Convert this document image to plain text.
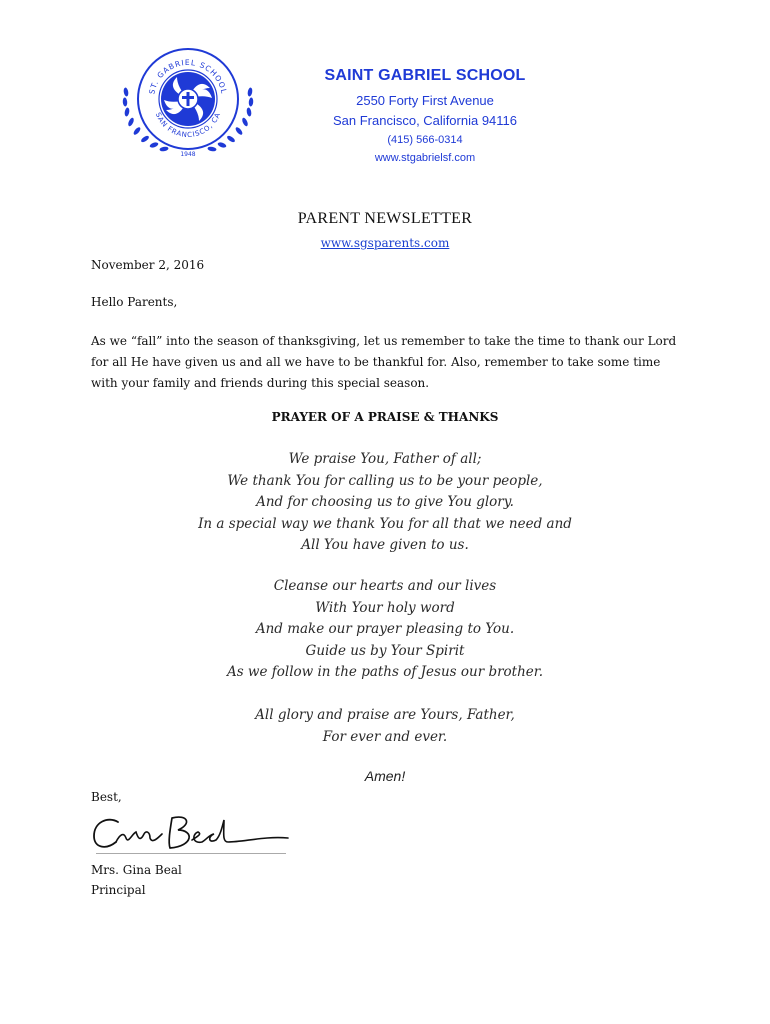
ST. GABRIEL SCHOOL
SAN FRANCISCO, CA
1948
SAINT GABRIEL SCHOOL
2550 Forty First Avenue
San Francisco, California 94116
(415) 566-0314
www.stgabrielsf.com
PARENT NEWSLETTER
www.sgsparents.com
November 2, 2016
Hello Parents,
As we “fall” into the season of thanksgiving, let us remember to take the time to thank our Lord for all He have given us and all we have to be thankful for. Also, remember to take some time with your family and friends during this special season.
PRAYER OF A PRAISE & THANKS
We praise You, Father of all;
We thank You for calling us to be your people,
And for choosing us to give You glory.
In a special way we thank You for all that we need and
All You have given to us.
Cleanse our hearts and our lives
With Your holy word
And make our prayer pleasing to You.
Guide us by Your Spirit
As we follow in the paths of Jesus our brother.
All glory and praise are Yours, Father,
For ever and ever.
Amen!
Best,
Mrs. Gina Beal
Principal
